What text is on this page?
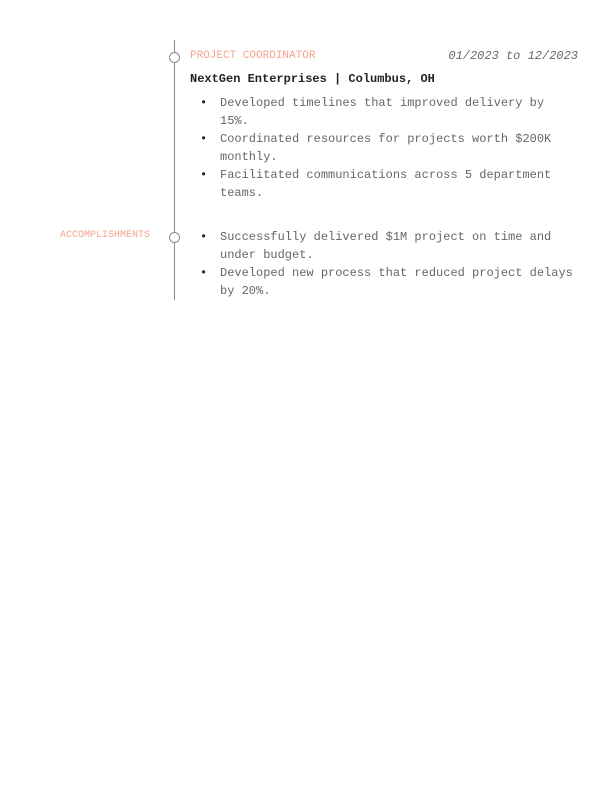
PROJECT COORDINATOR	01/2023 to 12/2023
NextGen Enterprises | Columbus, OH
• Developed timelines that improved delivery by 15%.
• Coordinated resources for projects worth $200K monthly.
• Facilitated communications across 5 department teams.
ACCOMPLISHMENTS	• Successfully delivered $1M project on time and under budget.
• Developed new process that reduced project delays by 20%.
